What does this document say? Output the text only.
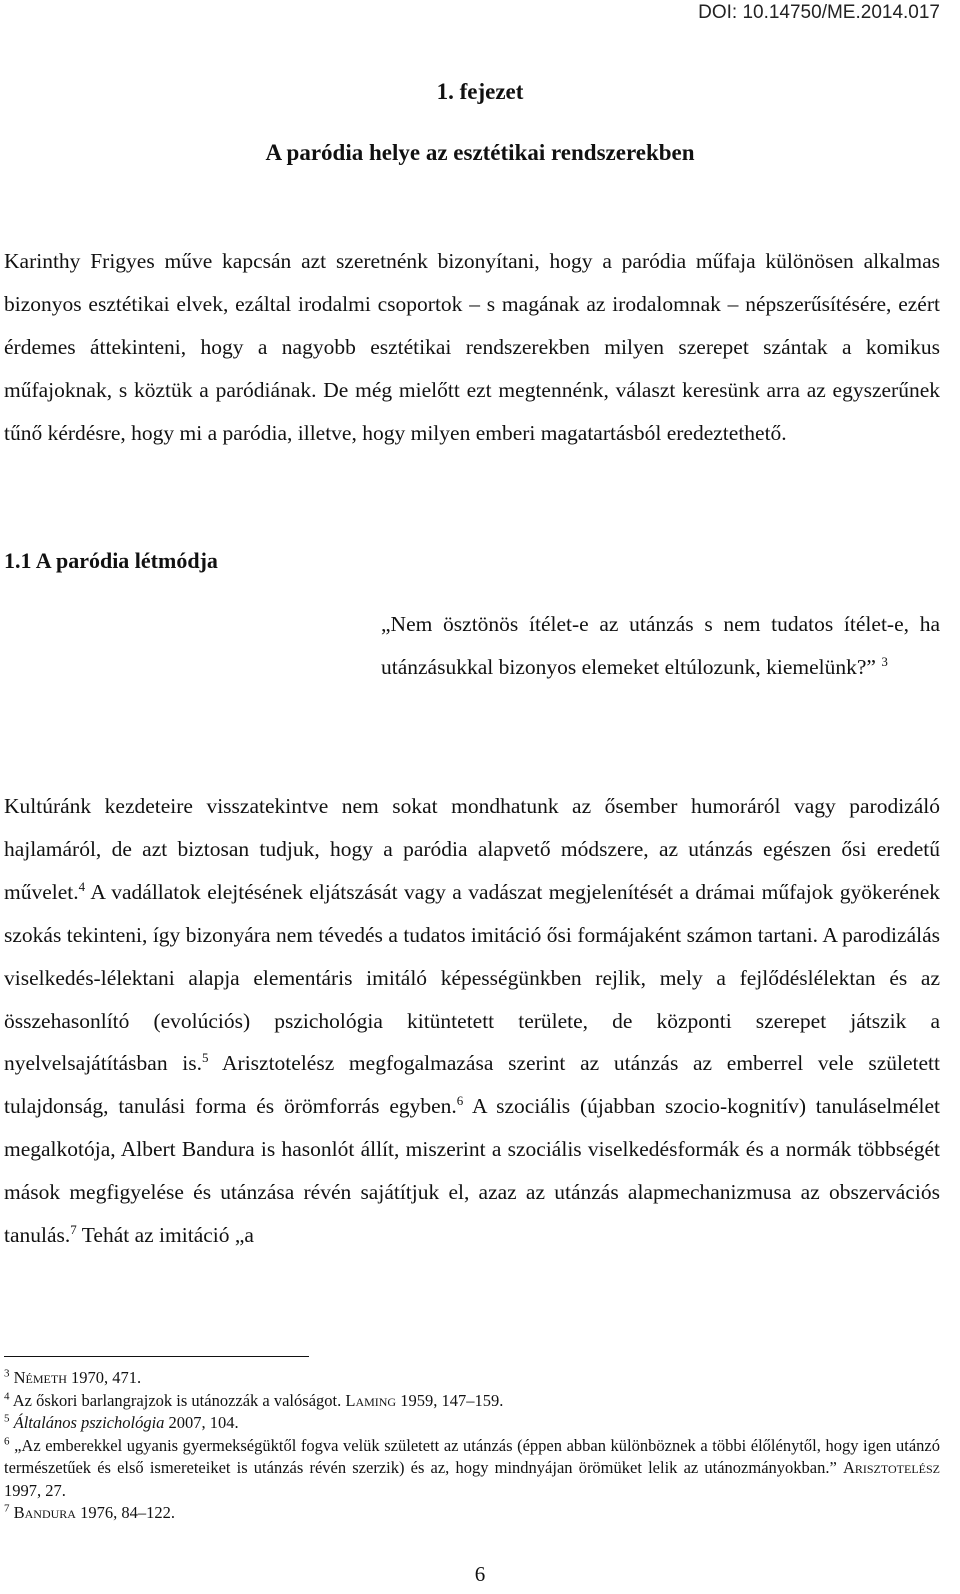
DOI: 10.14750/ME.2014.017
1. fejezet
A paródia helye az esztétikai rendszerekben

Karinthy Frigyes műve kapcsán azt szeretnénk bizonyítani, hogy a paródia műfaja különösen alkalmas bizonyos esztétikai elvek, ezáltal irodalmi csoportok – s magának az irodalomnak – népszerűsítésére, ezért érdemes áttekinteni, hogy a nagyobb esztétikai rendszerekben milyen szerepet szántak a komikus műfajoknak, s köztük a paródiának. De még mielőtt ezt megtennénk, választ keresünk arra az egyszerűnek tűnő kérdésre, hogy mi a paródia, illetve, hogy milyen emberi magatartásból eredeztethető.

1.1 A paródia létmódja

„Nem ösztönös ítélet-e az utánzás s nem tudatos ítélet-e, ha utánzásukkal bizonyos elemeket eltúlozunk, kiemelünk?” $^3$

Kultúránk kezdeteire visszatekintve nem sokat mondhatunk az ősember humoráról vagy parodizáló hajlamáról, de azt biztosan tudjuk, hogy a paródia alapvető módszere, az utánzás egészen ősi eredetű művelet.$^4$ A vadállatok elejtésének eljátszását vagy a vadászat megjelenítését a drámai műfajok gyökerének szokás tekinteni, így bizonyára nem tévedés a tudatos imitáció ősi formájaként számon tartani. A parodizálás viselkedés-lélektani alapja elementáris imitáló képességünkben rejlik, mely a fejlődéslélektan és az összehasonlító (evolúciós) pszichológia kitüntetett területe, de központi szerepet játszik a nyelvelsajátításban is.$^5$ Arisztotelész megfogalmazása szerint az utánzás az emberrel vele született tulajdonság, tanulási forma és örömforrás egyben.$^6$ A szociális (újabban szocio-kognitív) tanuláselmélet megalkotója, Albert Bandura is hasonlót állít, miszerint a szociális viselkedésformák és a normák többségét mások megfigyelése és utánzása révén sajátítjuk el, azaz az utánzás alapmechanizmusa az obszervációs tanulás.$^7$ Tehát az imitáció „a

$^3$ Németh 1970, 471.

$^4$ Az őskori barlangrajzok is utánozzák a valóságot. Laming 1959, 147–159.

$^5$ Általános pszichológia 2007, 104.

$^6$ „Az emberekkel ugyanis gyermekségüktől fogva velük született az utánzás (éppen abban különböznek a többi élőlénytől, hogy igen utánzó természetűek és első ismereteiket is utánzás révén szerzik) és az, hogy mindnyájan örömüket lelik az utánozmányokban.” Arisztotelész 1997, 27.

$^7$ Bandura 1976, 84–122.

6
